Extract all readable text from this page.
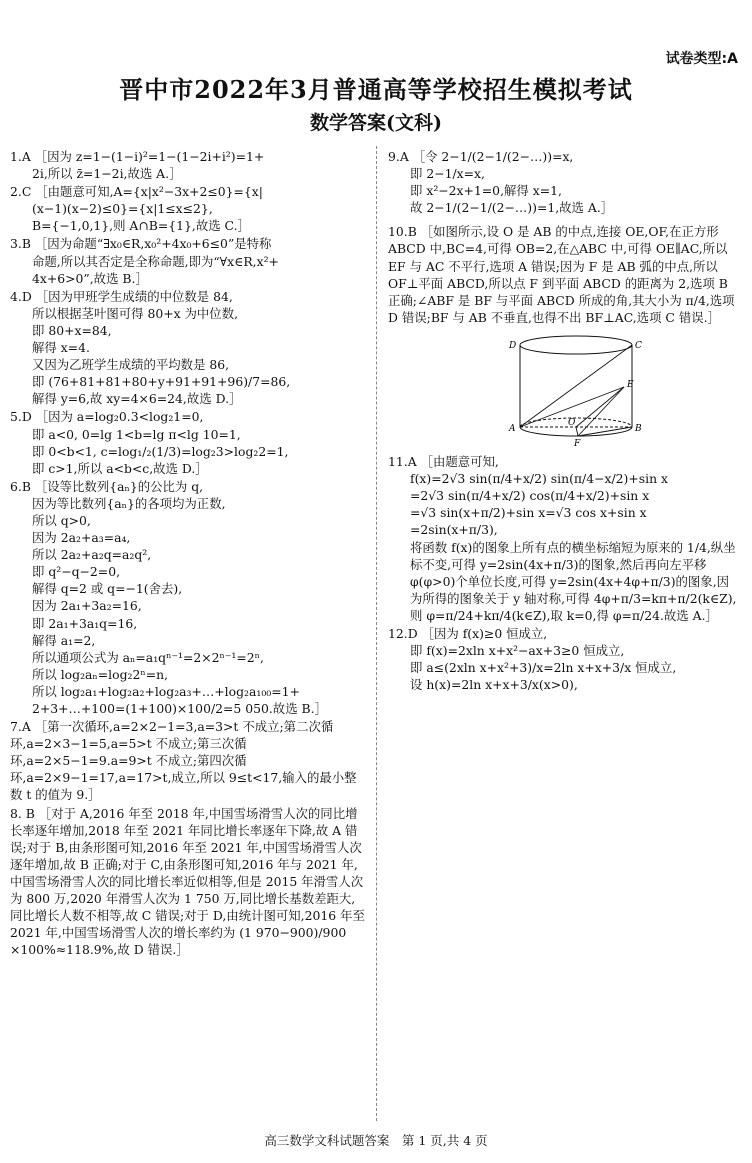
试卷类型:A
晋中市2022年3月普通高等学校招生模拟考试
数学答案(文科)

1.A ［因为 z=1−(1−i)²=1−(1−2i+i²)=1+

2i,所以 z̄=1−2i,故选 A.］

2.C ［由题意可知,A={x|x²−3x+2≤0}={x|

(x−1)(x−2)≤0}={x|1≤x≤2},

B={−1,0,1},则 A∩B={1},故选 C.］

3.B ［因为命题“∃x₀∈R,x₀²+4x₀+6≤0”是特称

命题,所以其否定是全称命题,即为“∀x∈R,x²+

4x+6>0”,故选 B.］

4.D ［因为甲班学生成绩的中位数是 84,

所以根据茎叶图可得 80+x 为中位数,

即 80+x=84,

解得 x=4.

又因为乙班学生成绩的平均数是 86,

即 (76+81+81+80+y+91+91+96)/7=86,

解得 y=6,故 xy=4×6=24,故选 D.］

5.D ［因为 a=log₂0.3<log₂1=0,

即 a<0, 0=lg 1<b=lg π<lg 10=1,

即 0<b<1, c=log₁/₂(1/3)=log₂3>log₂2=1,

即 c>1,所以 a<b<c,故选 D.］

6.B ［设等比数列{aₙ}的公比为 q,

因为等比数列{aₙ}的各项均为正数,

所以 q>0,

因为 2a₂+a₃=a₄,

所以 2a₂+a₂q=a₂q²,

即 q²−q−2=0,

解得 q=2 或 q=−1(舍去),

因为 2a₁+3a₂=16,

即 2a₁+3a₁q=16,

解得 a₁=2,

所以通项公式为 aₙ=a₁qⁿ⁻¹=2×2ⁿ⁻¹=2ⁿ,

所以 log₂aₙ=log₂2ⁿ=n,

所以 log₂a₁+log₂a₂+log₂a₃+…+log₂a₁₀₀=1+

2+3+…+100=(1+100)×100/2=5 050.故选 B.］

7.A ［第一次循环,a=2×2−1=3,a=3>t 不成立;第二次循环,a=2×3−1=5,a=5>t 不成立;第三次循环,a=2×5−1=9.a=9>t 不成立;第四次循环,a=2×9−1=17,a=17>t,成立,所以 9≤t<17,输入的最小整数 t 的值为 9.］

8. B ［对于 A,2016 年至 2018 年,中国雪场滑雪人次的同比增长率逐年增加,2018 年至 2021 年同比增长率逐年下降,故 A 错误;对于 B,由条形图可知,2016 年至 2021 年,中国雪场滑雪人次逐年增加,故 B 正确;对于 C,由条形图可知,2016 年与 2021 年,中国雪场滑雪人次的同比增长率近似相等,但是 2015 年滑雪人次为 800 万,2020 年滑雪人次为 1 750 万,同比增长基数差距大,同比增长人数不相等,故 C 错误;对于 D,由统计图可知,2016 年至 2021 年,中国雪场滑雪人次的增长率约为 (1 970−900)/900 ×100%≈118.9%,故 D 错误.］

9.A ［令 2−1/(2−1/(2−…))=x,

即 2−1/x=x,

即 x²−2x+1=0,解得 x=1,

故 2−1/(2−1/(2−…))=1,故选 A.］

10.B ［如图所示,设 O 是 AB 的中点,连接 OE,OF,在正方形 ABCD 中,BC=4,可得 OB=2,在△ABC 中,可得 OE∥AC,所以 EF 与 AC 不平行,选项 A 错误;因为 F 是 AB 弧的中点,所以 OF⊥平面 ABCD,所以点 F 到平面 ABCD 的距离为 2,选项 B 正确;∠ABF 是 BF 与平面 ABCD 所成的角,其大小为 π/4,选项 D 错误;BF 与 AB 不垂直,也得不出 BF⊥AC,选项 C 错误.］

D	C
E
O
A	B
F

11.A ［由题意可知,

f(x)=2√3 sin(π/4+x/2) sin(π/4−x/2)+sin x

=2√3 sin(π/4+x/2) cos(π/4+x/2)+sin x

=√3 sin(x+π/2)+sin x=√3 cos x+sin x

=2sin(x+π/3),

将函数 f(x)的图象上所有点的横坐标缩短为原来的 1/4,纵坐标不变,可得 y=2sin(4x+π/3)的图象,然后再向左平移 φ(φ>0)个单位长度,可得 y=2sin(4x+4φ+π/3)的图象,因为所得的图象关于 y 轴对称,可得 4φ+π/3=kπ+π/2(k∈Z),则 φ=π/24+kπ/4(k∈Z),取 k=0,得 φ=π/24.故选 A.］

12.D ［因为 f(x)≥0 恒成立,

即 f(x)=2xln x+x²−ax+3≥0 恒成立,

即 a≤(2xln x+x²+3)/x=2ln x+x+3/x 恒成立,

设 h(x)=2ln x+x+3/x(x>0),

高三数学文科试题答案　第 1 页,共 4 页
